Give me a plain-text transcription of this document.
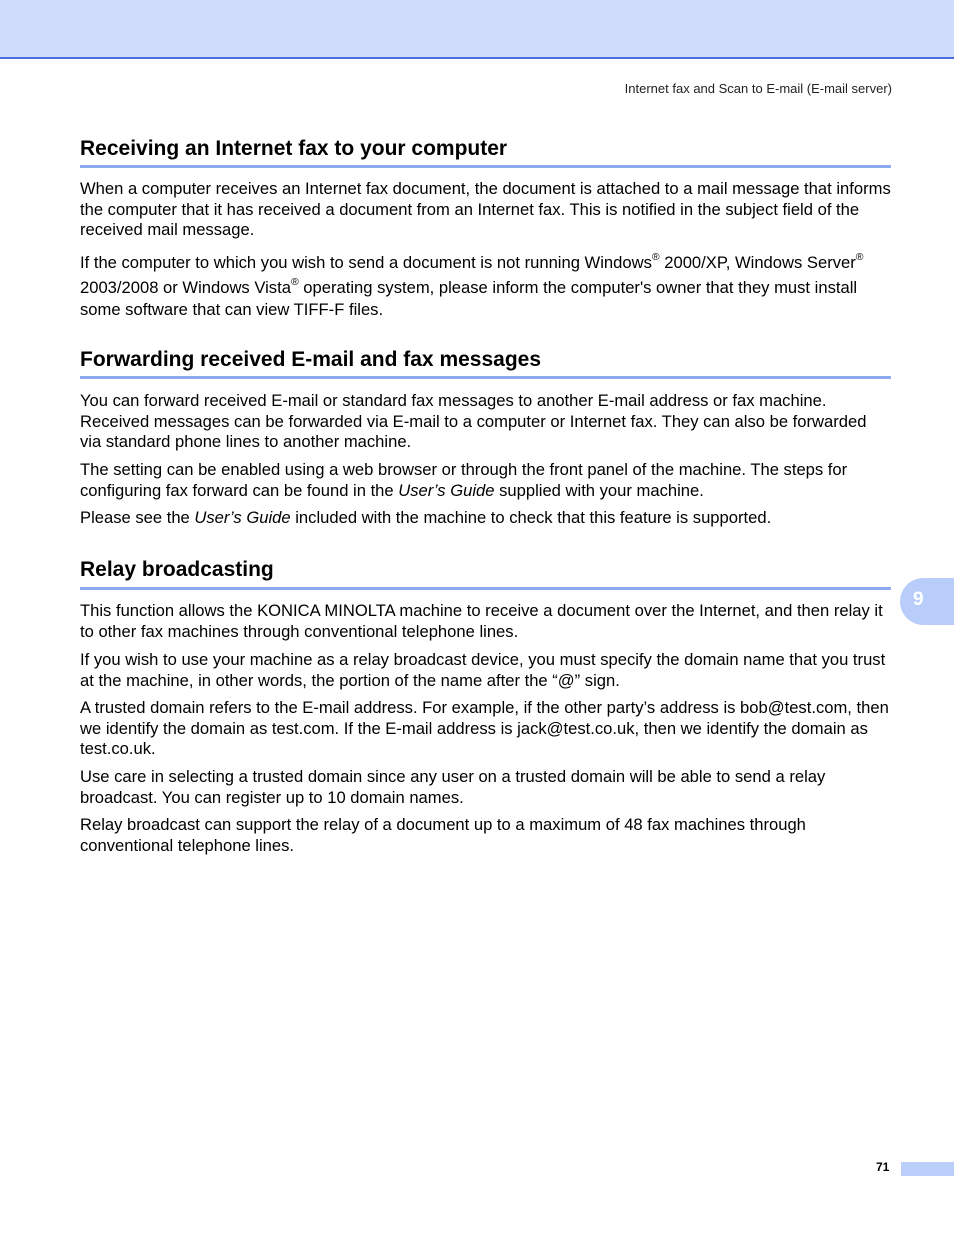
Internet fax and Scan to E-mail (E-mail server)
Receiving an Internet fax to your computer

When a computer receives an Internet fax document, the document is attached to a mail message that informs the computer that it has received a document from an Internet fax. This is notified in the subject field of the received mail message.

If the computer to which you wish to send a document is not running Windows® 2000/XP, Windows Server® 2003/2008 or Windows Vista® operating system, please inform the computer's owner that they must install some software that can view TIFF-F files.

Forwarding received E-mail and fax messages

You can forward received E-mail or standard fax messages to another E-mail address or fax machine. Received messages can be forwarded via E-mail to a computer or Internet fax. They can also be forwarded via standard phone lines to another machine.

The setting can be enabled using a web browser or through the front panel of the machine. The steps for configuring fax forward can be found in the User’s Guide supplied with your machine.

Please see the User’s Guide included with the machine to check that this feature is supported.

Relay broadcasting

This function allows the KONICA MINOLTA machine to receive a document over the Internet, and then relay it to other fax machines through conventional telephone lines.

If you wish to use your machine as a relay broadcast device, you must specify the domain name that you trust at the machine, in other words, the portion of the name after the “@” sign.

A trusted domain refers to the E-mail address. For example, if the other party’s address is bob@test.com, then we identify the domain as test.com. If the E-mail address is jack@test.co.uk, then we identify the domain as test.co.uk.

Use care in selecting a trusted domain since any user on a trusted domain will be able to send a relay broadcast. You can register up to 10 domain names.

Relay broadcast can support the relay of a document up to a maximum of 48 fax machines through conventional telephone lines.

9
71
